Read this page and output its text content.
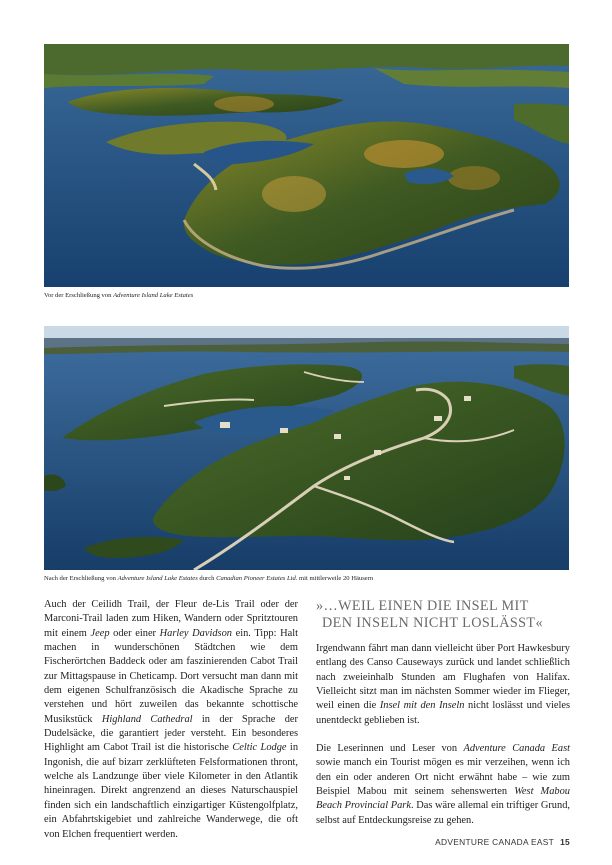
Vor der Erschließung von Adventure Island Lake Estates
Nach der Erschließung von Adventure Island Lake Estates durch Canadian Pioneer Estates Ltd. mit mittlerweile 20 Häusern

Auch der Ceilidh Trail, der Fleur de-Lis Trail oder der Marconi-Trail laden zum Hiken, Wandern oder Spritztouren mit einem Jeep oder einer Harley Davidson ein. Tipp: Halt machen in wunderschönen Städtchen wie dem Fischerörtchen Baddeck oder am faszinierenden Cabot Trail zur Mittagspause in Cheticamp. Dort versucht man dann mit dem eigenen Schulfranzösisch die Akadische Sprache zu verstehen und hört zuweilen das bekannte schottische Musikstück Highland Cathedral in der Sprache der Dudelsäcke, die garantiert jeder versteht. Ein besonderes Highlight am Cabot Trail ist die historische Celtic Lodge in Ingonish, die auf bizarr zerklüfteten Felsformationen thront, welche als Landzunge über viele Kilometer in den Atlantik hineinragen. Direkt angrenzend an dieses Naturschauspiel finden sich ein landschaftlich einzigartiger Küstengolfplatz, ein Abfahrtskigebiet und zahlreiche Wanderwege, die oft von Elchen frequentiert werden.

»…WEIL EINEN DIE INSEL MIT
DEN INSELN NICHT LOSLÄSST«

Irgendwann fährt man dann vielleicht über Port Hawkesbury entlang des Canso Causeways zurück und landet schließlich nach zweieinhalb Stunden am Flughafen von Halifax. Vielleicht sitzt man im nächsten Sommer wieder im Flieger, weil einen die Insel mit den Inseln nicht loslässt und vieles unentdeckt geblieben ist.

Die Leserinnen und Leser von Adventure Canada East sowie manch ein Tourist mögen es mir verzeihen, wenn ich den ein oder anderen Ort nicht erwähnt habe – wie zum Beispiel Mabou mit seinem sehenswerten West Mabou Beach Provincial Park. Das wäre allemal ein triftiger Grund, selbst auf Entdeckungsreise zu gehen.

ADVENTURE CANADA EAST 15
